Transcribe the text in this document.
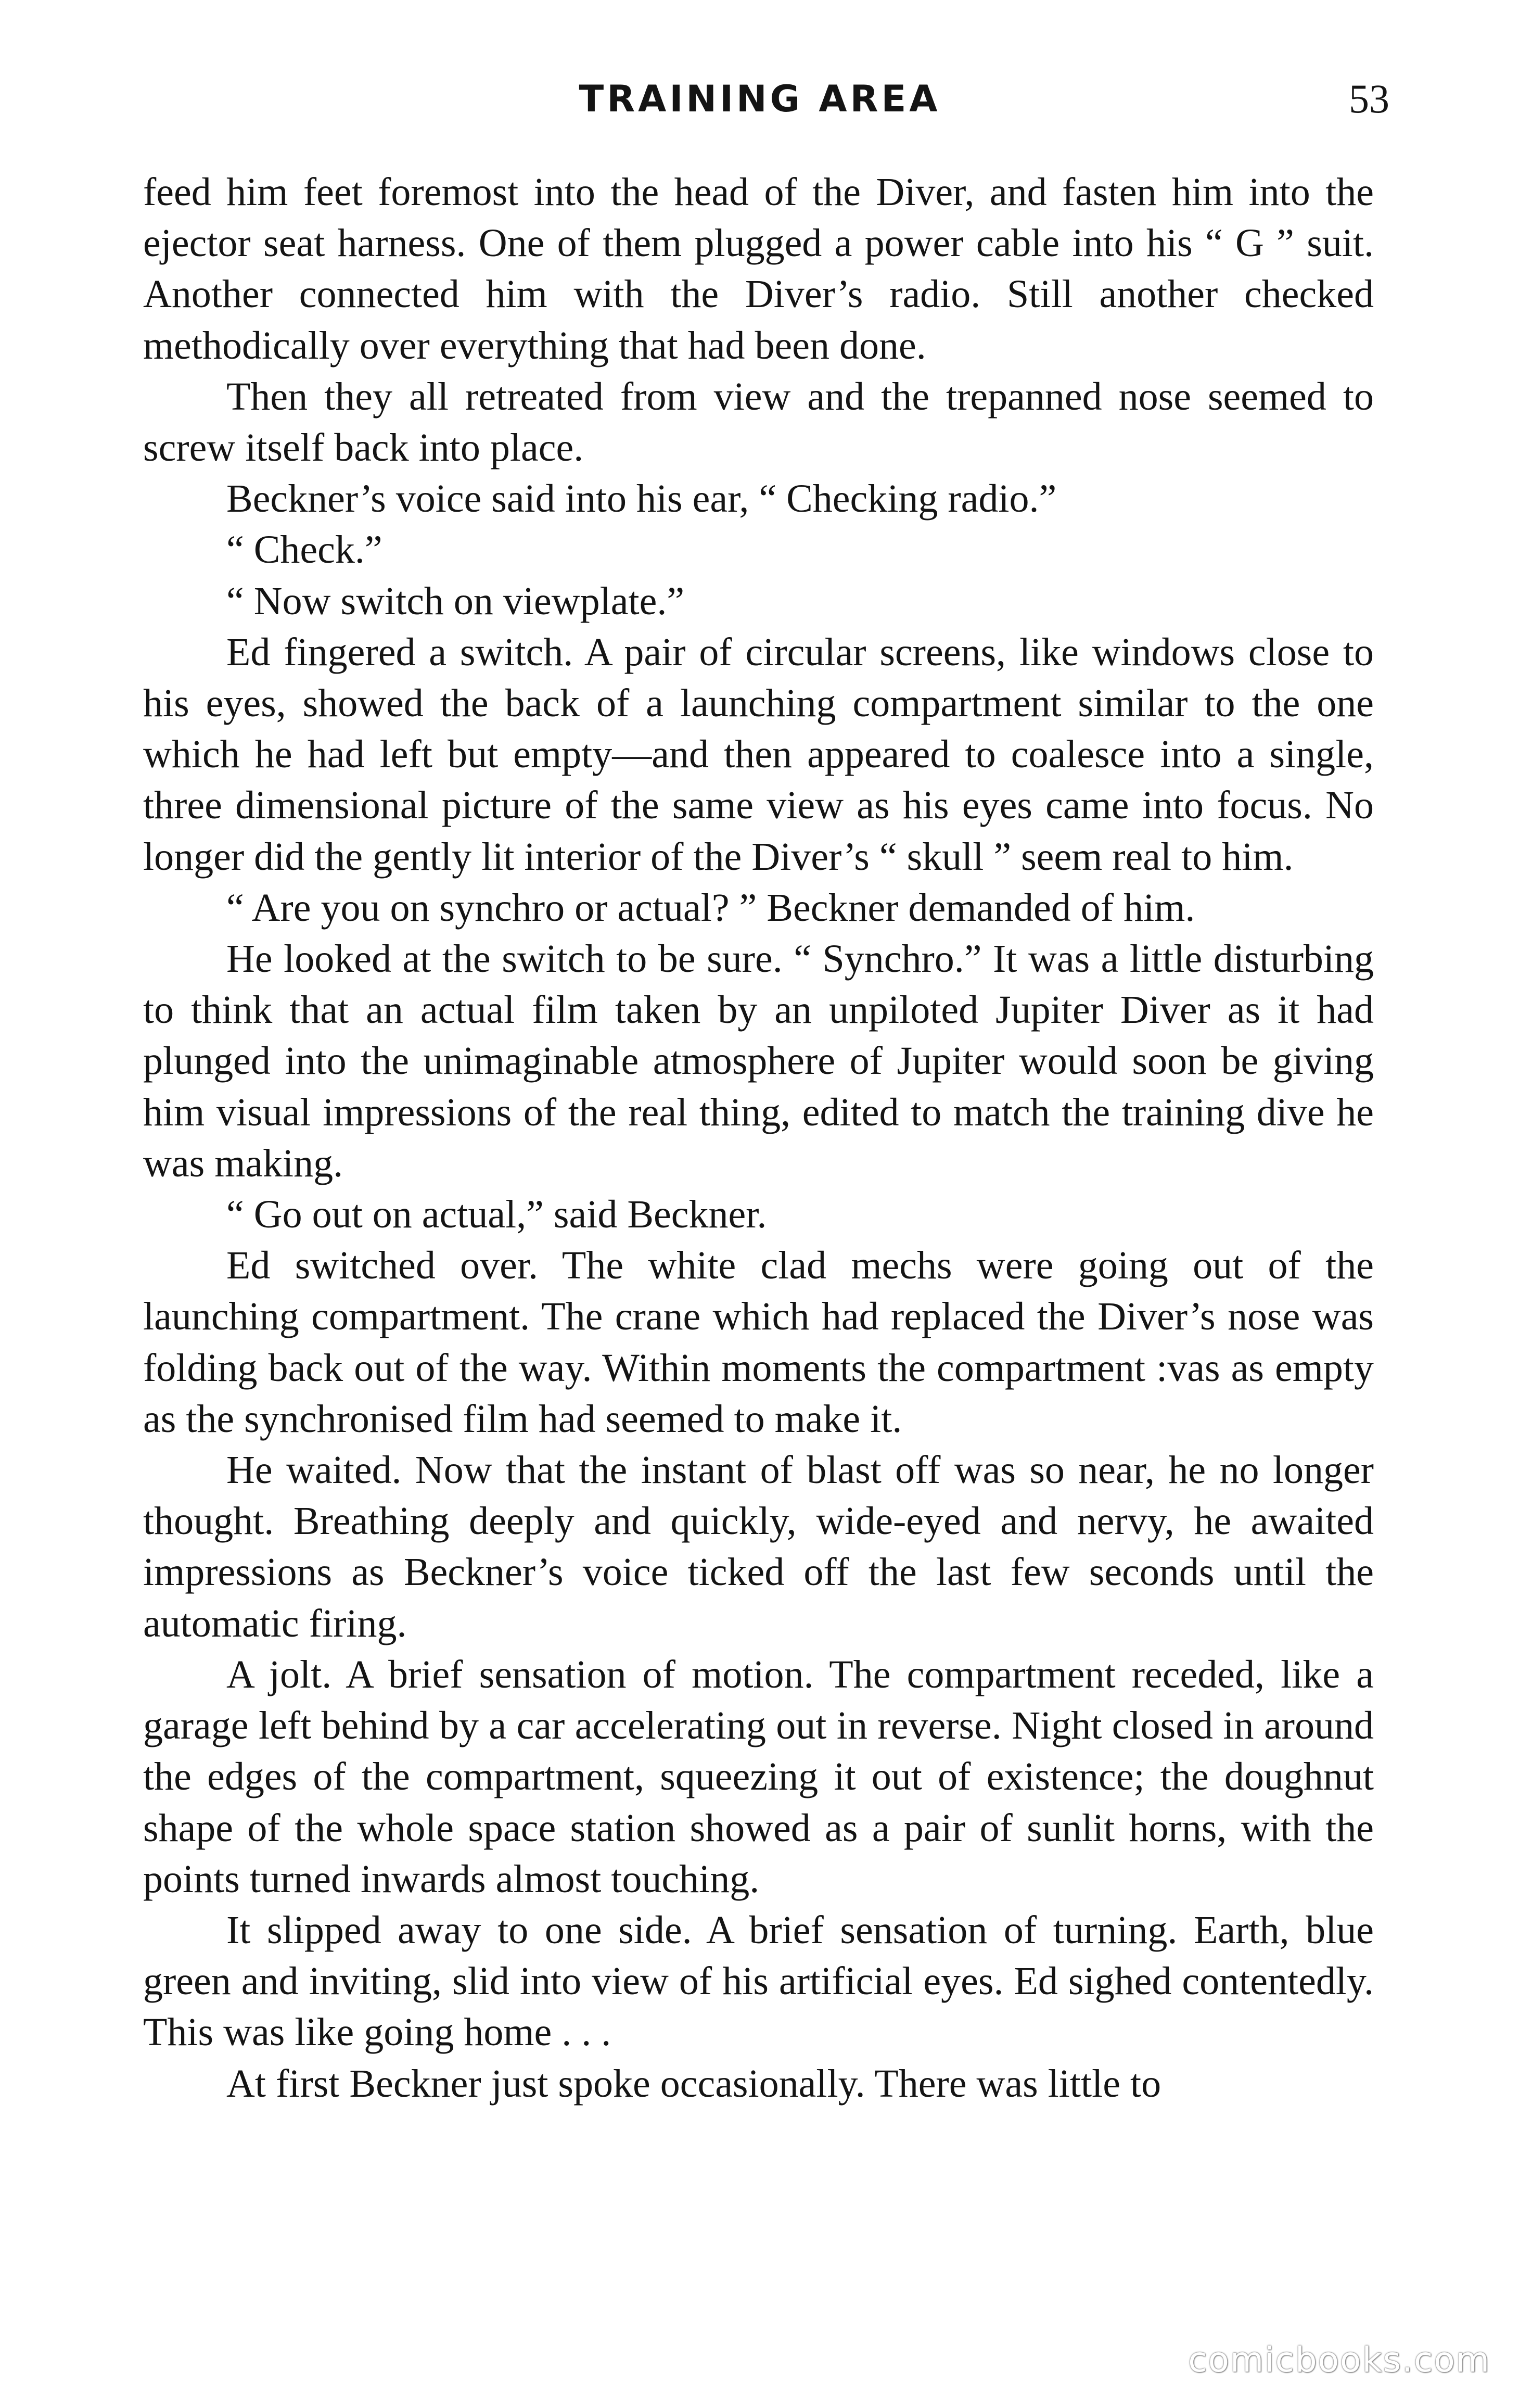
TRAINING AREA	53

feed him feet foremost into the head of the Diver, and fasten him into the ejector seat harness. One of them plugged a power cable into his “ G ” suit. Another connected him with the Diver’s radio. Still another checked methodically over everything that had been done.

Then they all retreated from view and the trepanned nose seemed to screw itself back into place.

Beckner’s voice said into his ear, “ Checking radio.”

“ Check.”

“ Now switch on viewplate.”

Ed fingered a switch. A pair of circular screens, like windows close to his eyes, showed the back of a launching compartment similar to the one which he had left but empty—and then appeared to coalesce into a single, three dimensional picture of the same view as his eyes came into focus. No longer did the gently lit interior of the Diver’s “ skull ” seem real to him.

“ Are you on synchro or actual? ” Beckner demanded of him.

He looked at the switch to be sure. “ Synchro.” It was a little disturbing to think that an actual film taken by an unpiloted Jupiter Diver as it had plunged into the unimaginable atmosphere of Jupiter would soon be giving him visual impressions of the real thing, edited to match the training dive he was making.

“ Go out on actual,” said Beckner.

Ed switched over. The white clad mechs were going out of the launching compartment. The crane which had replaced the Diver’s nose was folding back out of the way. Within moments the compartment :vas as empty as the synchronised film had seemed to make it.

He waited. Now that the instant of blast off was so near, he no longer thought. Breathing deeply and quickly, wide-eyed and nervy, he awaited impressions as Beckner’s voice ticked off the last few seconds until the automatic firing.

A jolt. A brief sensation of motion. The compartment receded, like a garage left behind by a car accelerating out in reverse. Night closed in around the edges of the compartment, squeezing it out of existence; the doughnut shape of the whole space station showed as a pair of sunlit horns, with the points turned inwards almost touching.

It slipped away to one side. A brief sensation of turning. Earth, blue green and inviting, slid into view of his artificial eyes. Ed sighed contentedly. This was like going home . . .

At first Beckner just spoke occasionally. There was little to

comicbooks.com
